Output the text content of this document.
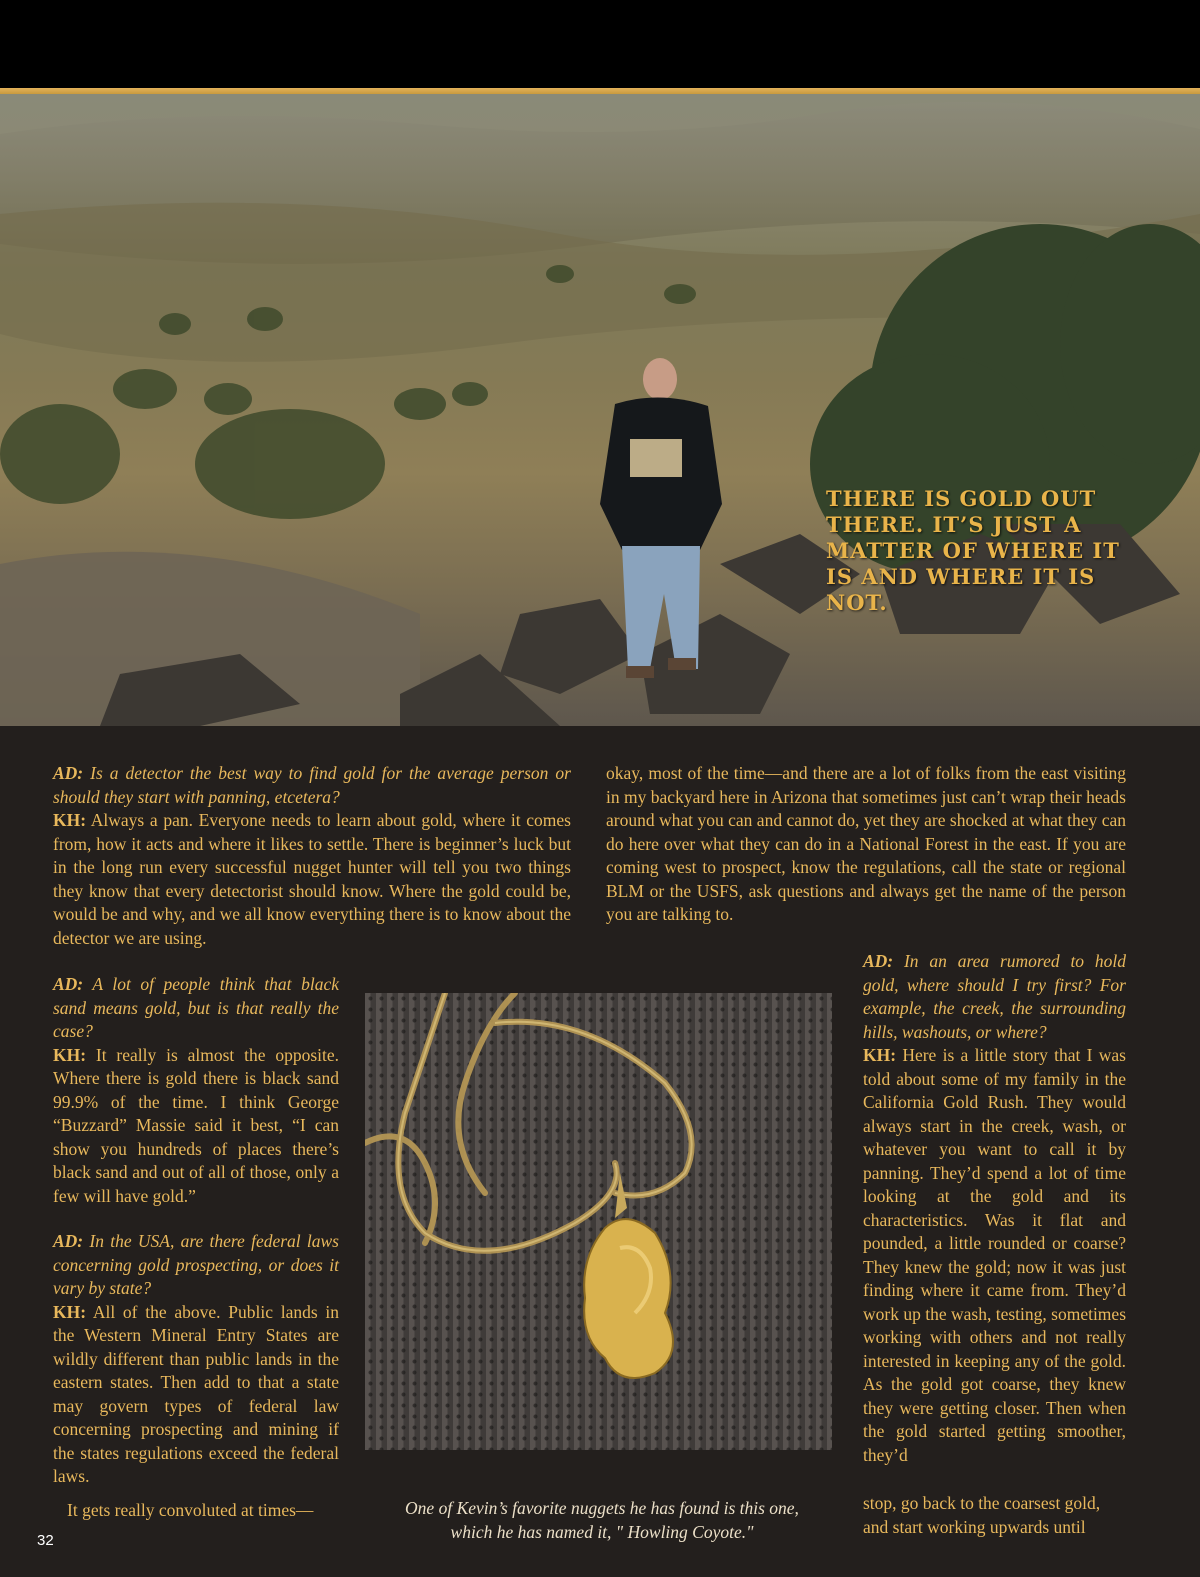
THERE IS GOLD OUT THERE. IT’S JUST A MATTER OF WHERE IT IS AND WHERE IT IS NOT.

AD: Is a detector the best way to find gold for the average person or should they start with panning, etcetera?

KH: Always a pan. Everyone needs to learn about gold, where it comes from, how it acts and where it likes to settle. There is beginner’s luck but in the long run every successful nugget hunter will tell you two things they know that every detectorist should know. Where the gold could be, would be and why, and we all know everything there is to know about the detector we are using.

okay, most of the time—and there are a lot of folks from the east visiting in my backyard here in Arizona that sometimes just can’t wrap their heads around what you can and cannot do, yet they are shocked at what they can do here over what they can do in a National Forest in the east. If you are coming west to prospect, know the regulations, call the state or regional BLM or the USFS, ask questions and always get the name of the person you are talking to.

AD: A lot of people think that black sand means gold, but is that really the case?

KH: It really is almost the opposite. Where there is gold there is black sand 99.9% of the time. I think George “Buzzard” Massie said it best, “I can show you hundreds of places there’s black sand and out of all of those, only a few will have gold.”

AD: In the USA, are there federal laws concerning gold prospecting, or does it vary by state?

KH: All of the above. Public lands in the Western Mineral Entry States are wildly different than public lands in the eastern states. Then add to that a state may govern types of federal law concerning prospecting and mining if the states regulations exceed the federal laws.

It gets really convoluted at times—	One of Kevin’s favorite nuggets he has found is this one, which he has named it, " Howling Coyote."

AD: In an area rumored to hold gold, where should I try first? For example, the creek, the surrounding hills, washouts, or where?

KH: Here is a little story that I was told about some of my family in the California Gold Rush. They would always start in the creek, wash, or whatever you want to call it by panning. They’d spend a lot of time looking at the gold and its characteristics. Was it flat and pounded, a little rounded or coarse? They knew the gold; now it was just finding where it came from. They’d work up the wash, testing, sometimes working with others and not really interested in keeping any of the gold. As the gold got coarse, they knew they were getting closer. Then when the gold started getting smoother, they’d

stop, go back to the coarsest gold, and start working upwards until

32
